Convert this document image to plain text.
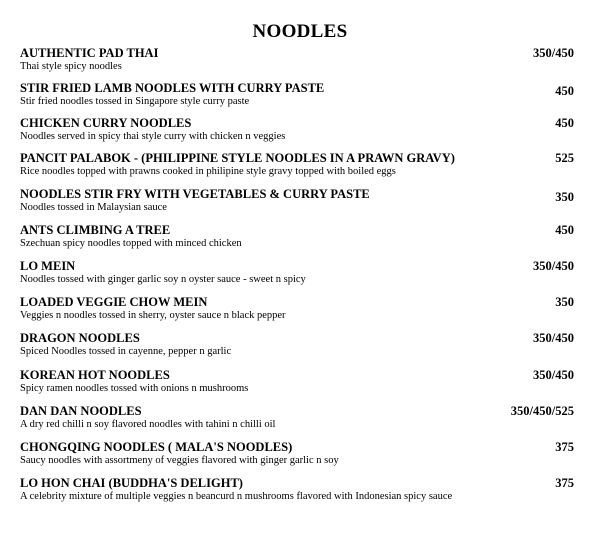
NOODLES
AUTHENTIC PAD THAI
Thai style spicy noodles
350/450
STIR FRIED LAMB NOODLES WITH CURRY PASTE
Stir fried noodles tossed in Singapore style curry paste
450
CHICKEN CURRY NOODLES
Noodles served in spicy thai style curry with chicken n veggies
450
PANCIT PALABOK - (PHILIPPINE STYLE NOODLES IN A PRAWN GRAVY)
Rice noodles topped with prawns cooked in philipine style gravy topped with boiled eggs
525
NOODLES STIR FRY WITH VEGETABLES & CURRY PASTE
Noodles tossed in Malaysian sauce
350
ANTS CLIMBING A TREE
Szechuan spicy noodles topped with minced chicken
450
LO MEIN
Noodles tossed with ginger garlic soy n oyster sauce - sweet n spicy
350/450
LOADED VEGGIE CHOW MEIN
Veggies n noodles tossed in sherry, oyster sauce n black pepper
350
DRAGON NOODLES
Spiced Noodles tossed in cayenne, pepper n garlic
350/450
KOREAN HOT NOODLES
Spicy ramen noodles tossed with onions n mushrooms
350/450
DAN DAN NOODLES
A dry red chilli n soy flavored noodles with tahini n chilli oil
350/450/525
CHONGQING NOODLES ( MALA'S NOODLES)
Saucy noodles with assortmeny of veggies flavored with ginger garlic n soy
375
LO HON CHAI (BUDDHA'S DELIGHT)
A celebrity mixture of multiple veggies n beancurd n mushrooms flavored with Indonesian spicy sauce
375
